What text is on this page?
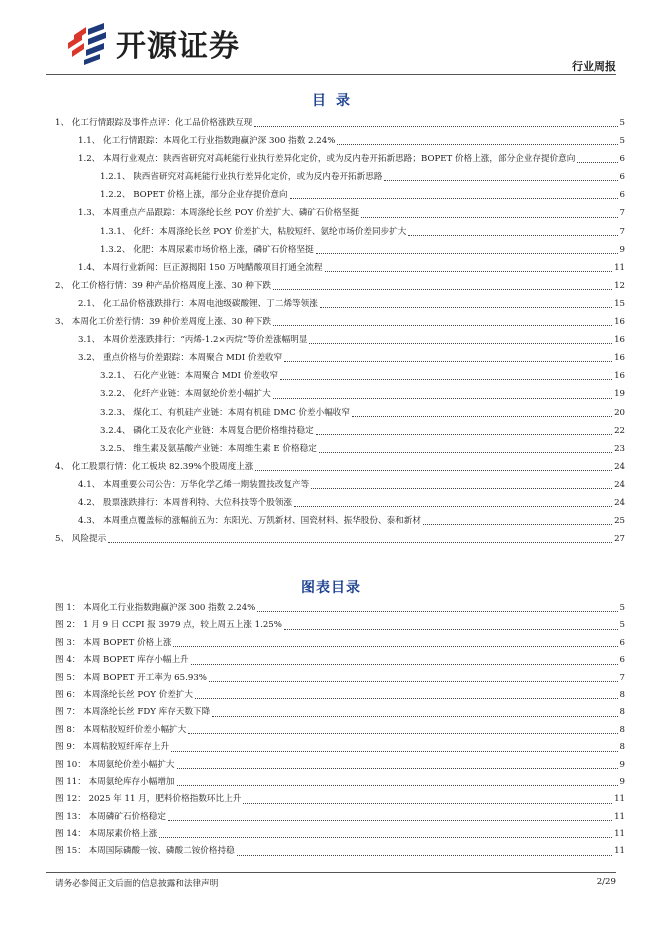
开源证券
行业周报
目录
1、 化工行情跟踪及事件点评：化工品价格涨跌互现	5
1.1、 化工行情跟踪：本周化工行业指数跑赢沪深 300 指数 2.24%	5
1.2、 本周行业观点：陕西省研究对高耗能行业执行差异化定价，或为反内卷开拓新思路；BOPET 价格上涨，部分企业存提价意向	6
1.2.1、 陕西省研究对高耗能行业执行差异化定价，或为反内卷开拓新思路	6
1.2.2、 BOPET 价格上涨，部分企业存提价意向	6
1.3、 本周重点产品跟踪：本周涤纶长丝 POY 价差扩大、磷矿石价格坚挺	7
1.3.1、 化纤：本周涤纶长丝 POY 价差扩大，粘胶短纤、氨纶市场价差同步扩大	7
1.3.2、 化肥：本周尿素市场价格上涨，磷矿石价格坚挺	9
1.4、 本周行业新闻：巨正源揭阳 150 万吨醋酸项目打通全流程	11
2、 化工价格行情：39 种产品价格周度上涨、30 种下跌	12
2.1、 化工品价格涨跌排行：本周电池级碳酸锂、丁二烯等领涨	15
3、 本周化工价差行情：39 种价差周度上涨、30 种下跌	16
3.1、 本周价差涨跌排行：“丙烯-1.2×丙烷”等价差涨幅明显	16
3.2、 重点价格与价差跟踪：本周聚合 MDI 价差收窄	16
3.2.1、 石化产业链：本周聚合 MDI 价差收窄	16
3.2.2、 化纤产业链：本周氨纶价差小幅扩大	19
3.2.3、 煤化工、有机硅产业链：本周有机硅 DMC 价差小幅收窄	20
3.2.4、 磷化工及农化产业链：本周复合肥价格维持稳定	22
3.2.5、 维生素及氨基酸产业链：本周维生素 E 价格稳定	23
4、 化工股票行情：化工板块 82.39%个股周度上涨	24
4.1、 本周重要公司公告：万华化学乙烯一期装置技改复产等	24
4.2、 股票涨跌排行：本周普利特、大位科技等个股领涨	24
4.3、 本周重点覆盖标的涨幅前五为：东阳光、万凯新材、国瓷材料、振华股份、泰和新材	25
5、 风险提示	27
图表目录
图 1： 本周化工行业指数跑赢沪深 300 指数 2.24%	5
图 2： 1 月 9 日 CCPI 报 3979 点，较上周五上涨 1.25%	5
图 3： 本周 BOPET 价格上涨	6
图 4： 本周 BOPET 库存小幅上升	6
图 5： 本周 BOPET 开工率为 65.93%	7
图 6： 本周涤纶长丝 POY 价差扩大	8
图 7： 本周涤纶长丝 FDY 库存天数下降	8
图 8： 本周粘胶短纤价差小幅扩大	8
图 9： 本周粘胶短纤库存上升	8
图 10： 本周氨纶价差小幅扩大	9
图 11： 本周氨纶库存小幅增加	9
图 12： 2025 年 11 月，肥料价格指数环比上升	11
图 13： 本周磷矿石价格稳定	11
图 14： 本周尿素价格上涨	11
图 15： 本周国际磷酸一铵、磷酸二铵价格持稳	11
请务必参阅正文后面的信息披露和法律声明	2/29
